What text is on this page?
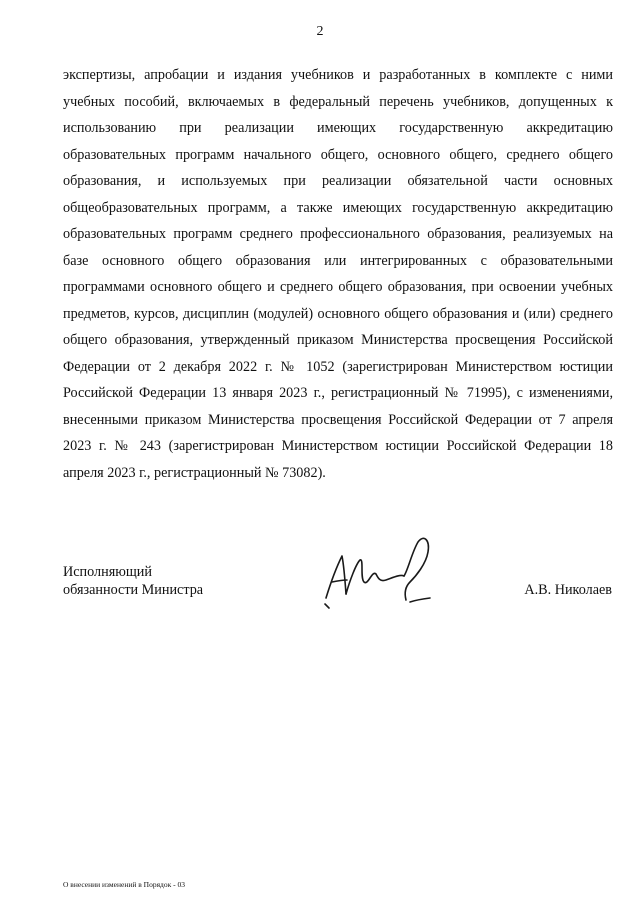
2

экспертизы, апробации и издания учебников и разработанных в комплекте с ними учебных пособий, включаемых в федеральный перечень учебников, допущенных к использованию при реализации имеющих государственную аккредитацию образовательных программ начального общего, основного общего, среднего общего образования, и используемых при реализации обязательной части основных общеобразовательных программ, а также имеющих государственную аккредитацию образовательных программ среднего профессионального образования, реализуемых на базе основного общего образования или интегрированных с образовательными программами основного общего и среднего общего образования, при освоении учебных предметов, курсов, дисциплин (модулей) основного общего образования и (или) среднего общего образования, утвержденный приказом Министерства просвещения Российской Федерации от 2 декабря 2022 г. № 1052 (зарегистрирован Министерством юстиции Российской Федерации 13 января 2023 г., регистрационный № 71995), с изменениями, внесенными приказом Министерства просвещения Российской Федерации от 7 апреля 2023 г. № 243 (зарегистрирован Министерством юстиции Российской Федерации 18 апреля 2023 г., регистрационный № 73082).

Исполняющий
обязанности Министра	А.В. Николаев
О внесении изменений в Порядок - 03
